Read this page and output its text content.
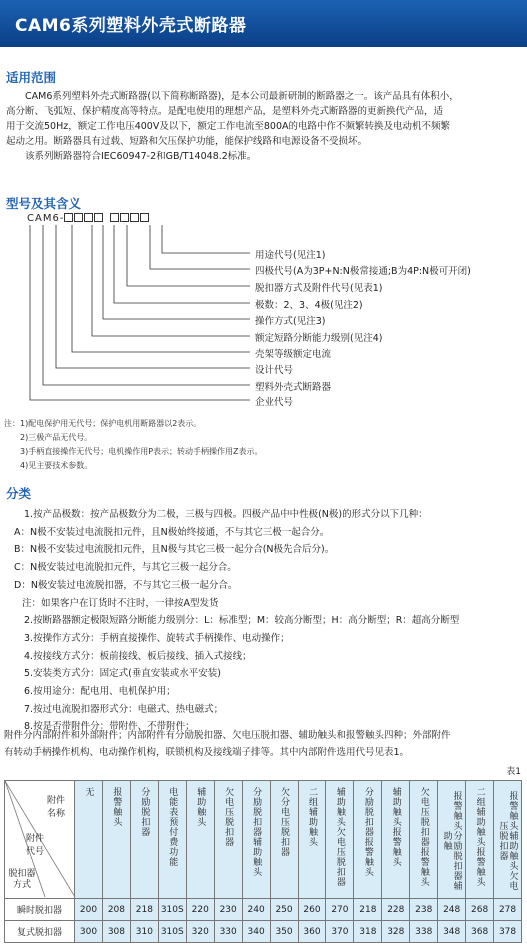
CAM6系列塑料外壳式断路器
适用范围
　　CAM6系列塑料外壳式断路器(以下简称断路器)，是本公司最新研制的断路器之一。该产品具有体积小，
高分断、飞弧短、保护精度高等特点。是配电使用的理想产品，是塑料外壳式断路器的更新换代产品，适
用于交流50Hz，额定工作电压400V及以下，额定工作电流至800A的电路中作不频繁转换及电动机不频繁
起动之用。断路器具有过载、短路和欠压保护功能，能保护线路和电源设备不受损坏。
　　该系列断路器符合IEC60947-2和GB/T14048.2标准。
型号及其含义
CAM6-
用途代号(见注1)
四极代号(A为3P+N:N极常接通;B为4P:N极可开闭)
脱扣器方式及附件代号(见表1)
极数：2、3、4极(见注2)
操作方式(见注3)
额定短路分断能力级别(见注4)
壳架等级额定电流
设计代号
塑料外壳式断路器
企业代号
注：1)配电保护用无代号；保护电机用断路器以2表示。
　　2)三极产品无代号。
　　3)手柄直接操作无代号；电机操作用P表示；转动手柄操作用Z表示。
　　4)见主要技术参数。
分类
1.按产品极数：按产品极数分为二极，三极与四极。四极产品中中性极(N极)的形式分以下几种：
A：N极不安装过电流脱扣元件，且N极始终接通，不与其它三极一起合分。
B：N极不安装过电流脱扣元件，且N极与其它三极一起分合(N极先合后分)。
C：N极安装过电流脱扣元件，与其它三极一起分合。
D：N极安装过电流脱扣器，不与其它三极一起分合。
注：如果客户在订货时不注时，一律按A型发货
2.按断路器额定极限短路分断能力级别分：L：标准型；M：较高分断型；H：高分断型；R：超高分断型
3.按操作方式分：手柄直接操作、旋转式手柄操作、电动操作；
4.按接线方式分：板前接线、板后接线、插入式接线；
5.安装类方式分：固定式(垂直安装或水平安装)
6.按用途分：配电用、电机保护用；
7.按过电流脱扣器形式分：电磁式、热电磁式；
8.按是否带附件分：带附件、不带附件；
附件分内部附件和外部附件；内部附件有分励脱扣器、欠电压脱扣器、辅助触头和报警触头四种；外部附件
有转动手柄操作机构、电动操作机构，联锁机构及接线端子排等。其中内部附件选用代号见表1。
表1
附件名称
附件代号
脱扣器方式	无	报警触头	分励脱扣器	电能表预付费功能	辅助触头	欠电压脱扣器	分励脱扣器辅助触头	欠分电压脱扣器	二组辅助触头	辅助触头欠电压脱扣器	分励脱扣器报警触头	辅助触头报警触头	欠电压脱扣器报警触头	报警触头分励脱扣器辅助触	二组辅助触头报警触头	报警触头辅助触头欠电压脱扣器
瞬时脱扣器	200	208	218	310S	220	230	240	250	260	270	218	228	238	248	268	278
复式脱扣器	300	308	310	310S	320	330	340	350	360	370	318	328	338	348	368	378
